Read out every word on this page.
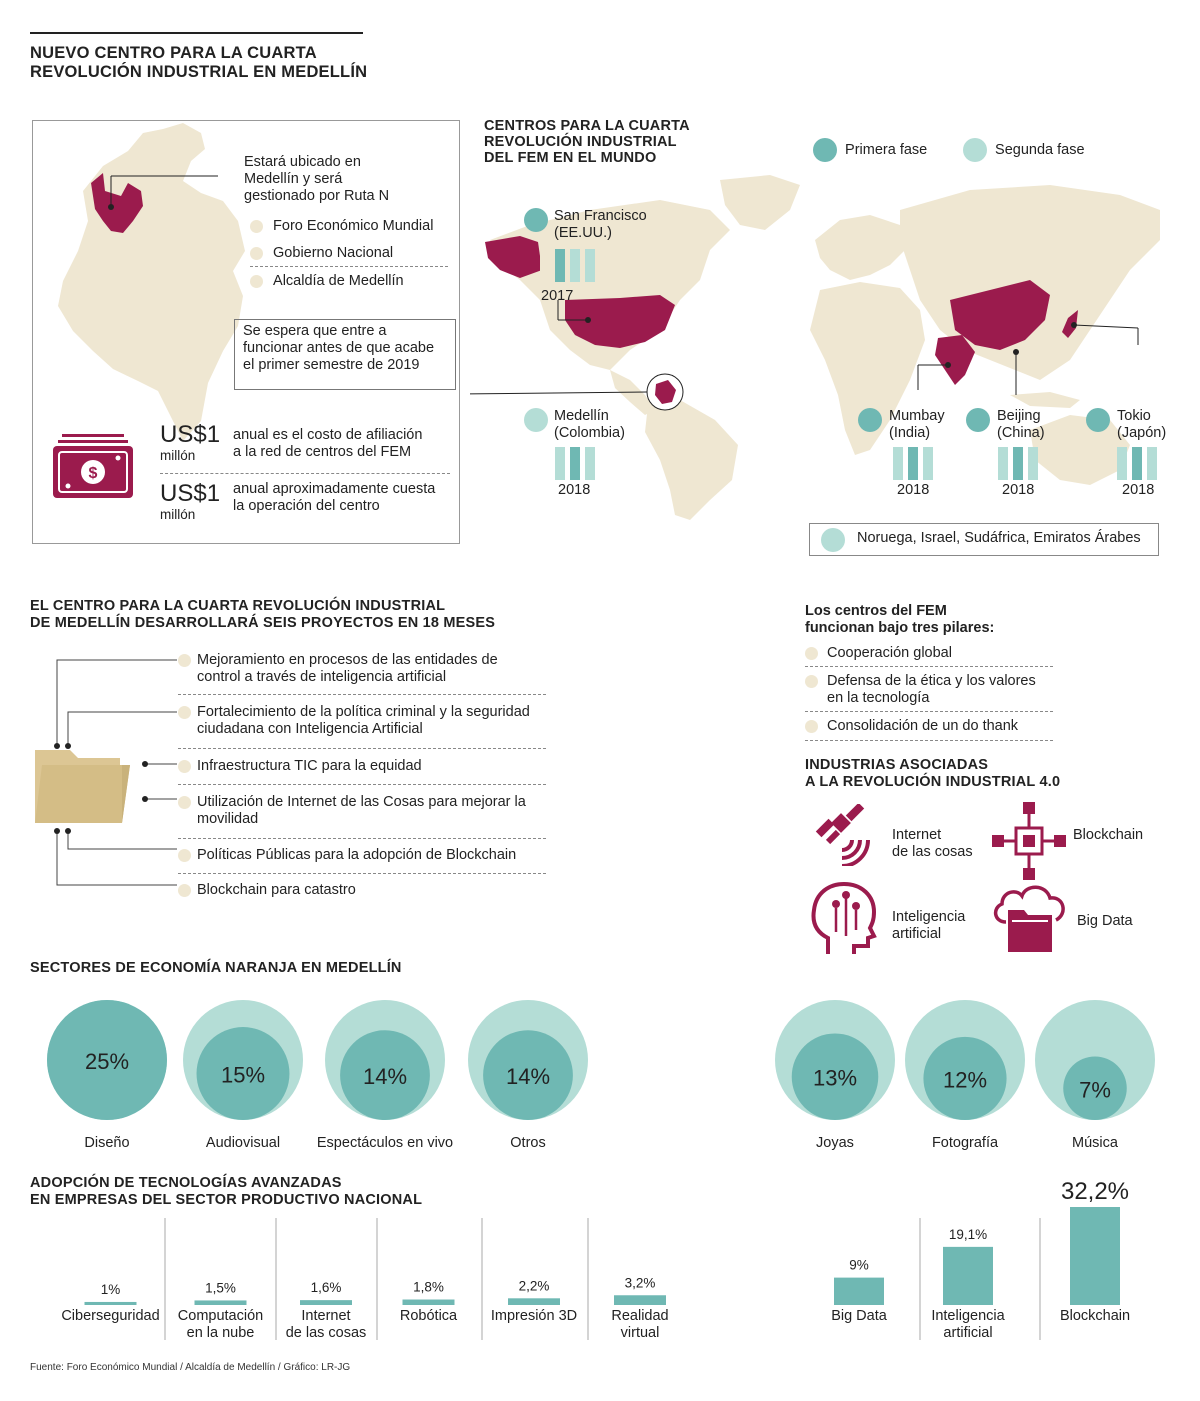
NUEVO CENTRO PARA LA CUARTA
REVOLUCIÓN INDUSTRIAL EN MEDELLÍN
Estará ubicado en
Medellín y será
gestionado por Ruta N
Foro Económico Mundial
Gobierno Nacional
Alcaldía de Medellín
Se espera que entre a
funcionar antes de que acabe
el primer semestre de 2019
$
US$1
millón
anual es el costo de afiliación
a la red de centros del FEM
US$1
millón
anual aproximadamente cuesta
la operación del centro
CENTROS PARA LA CUARTA
REVOLUCIÓN INDUSTRIAL
DEL FEM EN EL MUNDO
Primera fase	Segunda fase
San Francisco
(EE.UU.)
2017
Medellín
(Colombia)
2018
Mumbay
(India)
2018
Beijing
(China)
2018
Tokio
(Japón)
2018
Noruega, Israel, Sudáfrica, Emiratos Árabes
EL CENTRO PARA LA CUARTA REVOLUCIÓN INDUSTRIAL
DE MEDELLÍN DESARROLLARÁ SEIS PROYECTOS EN 18 MESES
Mejoramiento en procesos de las entidades de
control a través de inteligencia artificial
Fortalecimiento de la política criminal y la seguridad
ciudadana con Inteligencia Artificial
Infraestructura TIC para la equidad
Utilización de Internet de las Cosas para mejorar la
movilidad
Políticas Públicas para la adopción de Blockchain
Blockchain para catastro
Los centros del FEM
funcionan bajo tres pilares:
Cooperación global
Defensa de la ética y los valores
en la tecnología
Consolidación de un do thank
INDUSTRIAS ASOCIADAS
A LA REVOLUCIÓN INDUSTRIAL 4.0
Internet
de las cosas
Blockchain
Inteligencia
artificial
Big Data
SECTORES DE ECONOMÍA NARANJA EN MEDELLÍN
25%
Diseño
15%
Audiovisual
14%
Espectáculos en vivo
14%
Otros
13%
Joyas
12%
Fotografía
7%
Música
ADOPCIÓN DE TECNOLOGÍAS AVANZADAS
EN EMPRESAS DEL SECTOR PRODUCTIVO NACIONAL
1%
Ciberseguridad
1,5%
Computación
en la nube
1,6%
Internet
de las cosas
1,8%
Robótica
2,2%
Impresión 3D
3,2%
Realidad
virtual
9%
Big Data
19,1%
Inteligencia
artificial
32,2%
Blockchain
Fuente: Foro Económico Mundial / Alcaldía de Medellín / Gráfico: LR-JG
